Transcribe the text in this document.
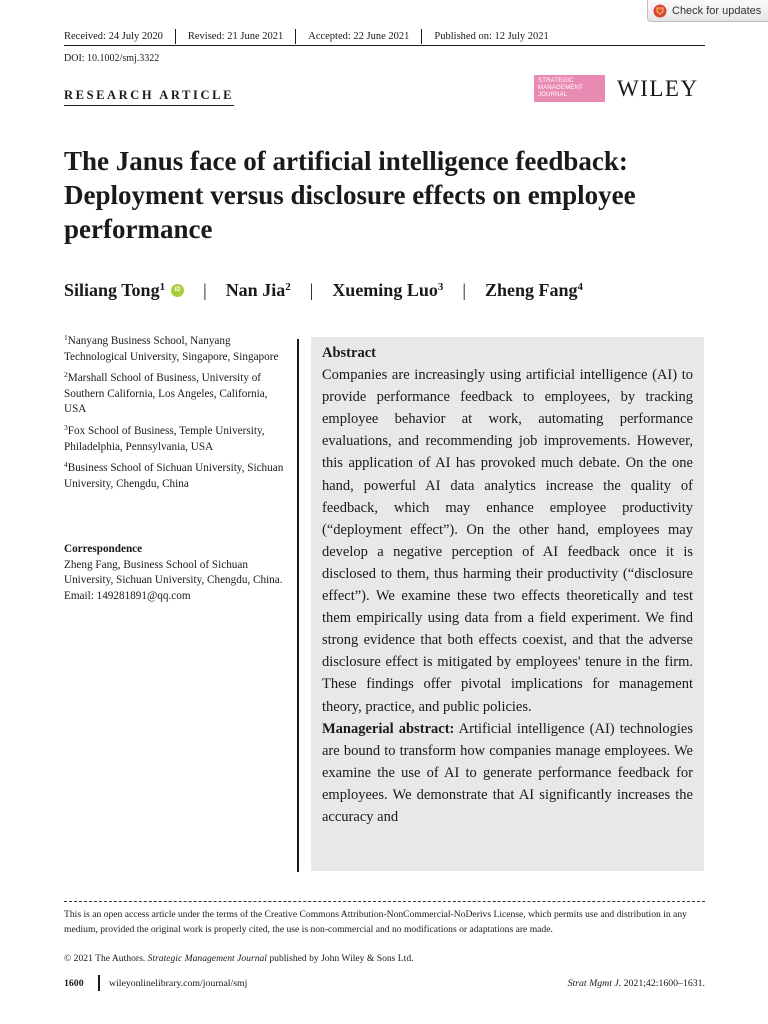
Check for updates
Received: 24 July 2020	Revised: 21 June 2021	Accepted: 22 June 2021	Published on: 12 July 2021
DOI: 10.1002/smj.3322
RESEARCH ARTICLE
STRATEGIC
MANAGEMENT
JOURNAL	WILEY
The Janus face of artificial intelligence feedback: Deployment versus disclosure effects on employee performance
Siliang Tong$^1$	iD | Nan Jia$^2$ | Xueming Luo$^3$ | Zheng Fang$^4$

$^1$Nanyang Business School, Nanyang Technological University, Singapore, Singapore

$^2$Marshall School of Business, University of Southern California, Los Angeles, California, USA

$^3$Fox School of Business, Temple University, Philadelphia, Pennsylvania, USA

$^4$Business School of Sichuan University, Sichuan University, Chengdu, China

Correspondence
Zheng Fang, Business School of Sichuan University, Sichuan University, Chengdu, China.
Email: 149281891@qq.com
Abstract

Companies are increasingly using artificial intelligence (AI) to provide performance feedback to employees, by tracking employee behavior at work, automating performance evaluations, and recommending job improvements. However, this application of AI has provoked much debate. On the one hand, powerful AI data analytics increase the quality of feedback, which may enhance employee productivity (“deployment effect”). On the other hand, employees may develop a negative perception of AI feedback once it is disclosed to them, thus harming their productivity (“disclosure effect”). We examine these two effects theoretically and test them empirically using data from a field experiment. We find strong evidence that both effects coexist, and that the adverse disclosure effect is mitigated by employees' tenure in the firm. These findings offer pivotal implications for management theory, practice, and public policies.

Managerial abstract: Artificial intelligence (AI) technologies are bound to transform how companies manage employees. We examine the use of AI to generate performance feedback for employees. We demonstrate that AI significantly increases the accuracy and

This is an open access article under the terms of the Creative Commons Attribution-NonCommercial-NoDerivs License, which permits use and distribution in any medium, provided the original work is properly cited, the use is non-commercial and no modifications or adaptations are made.
© 2021 The Authors. Strategic Management Journal published by John Wiley & Sons Ltd.
1600	wileyonlinelibrary.com/journal/smj	Strat Mgmt J. 2021;42:1600–1631.
